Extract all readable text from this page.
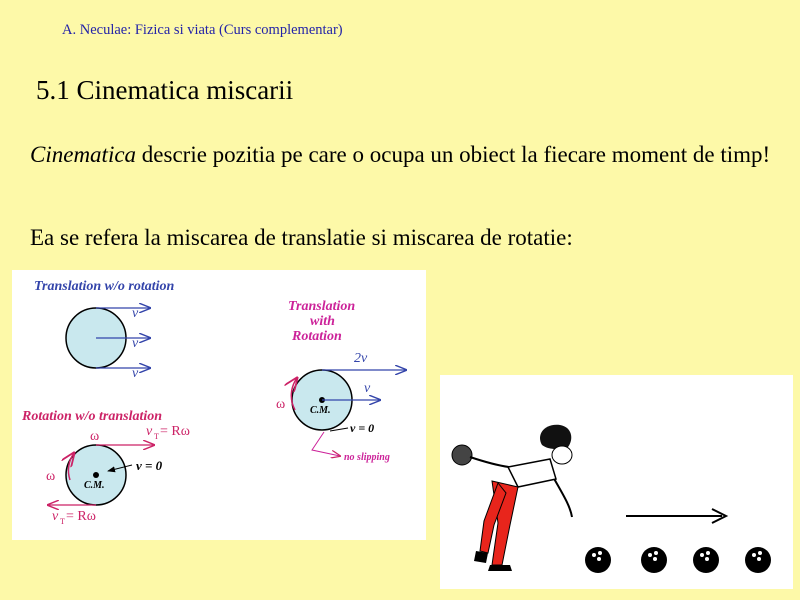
A. Neculae: Fizica si viata (Curs complementar)
5.1 Cinematica miscarii
Cinematica descrie pozitia pe care o ocupa un obiect la fiecare moment de timp!
Ea se refera la miscarea de translatie si miscarea de rotatie:
Translation w/o rotation
v
v
v
Translation
with
Rotation
C.M.
2v
v
ω
v = 0
no slipping
Rotation w/o translation
ω
C.M.
v T = Rω
v T = Rω
ω
v = 0
